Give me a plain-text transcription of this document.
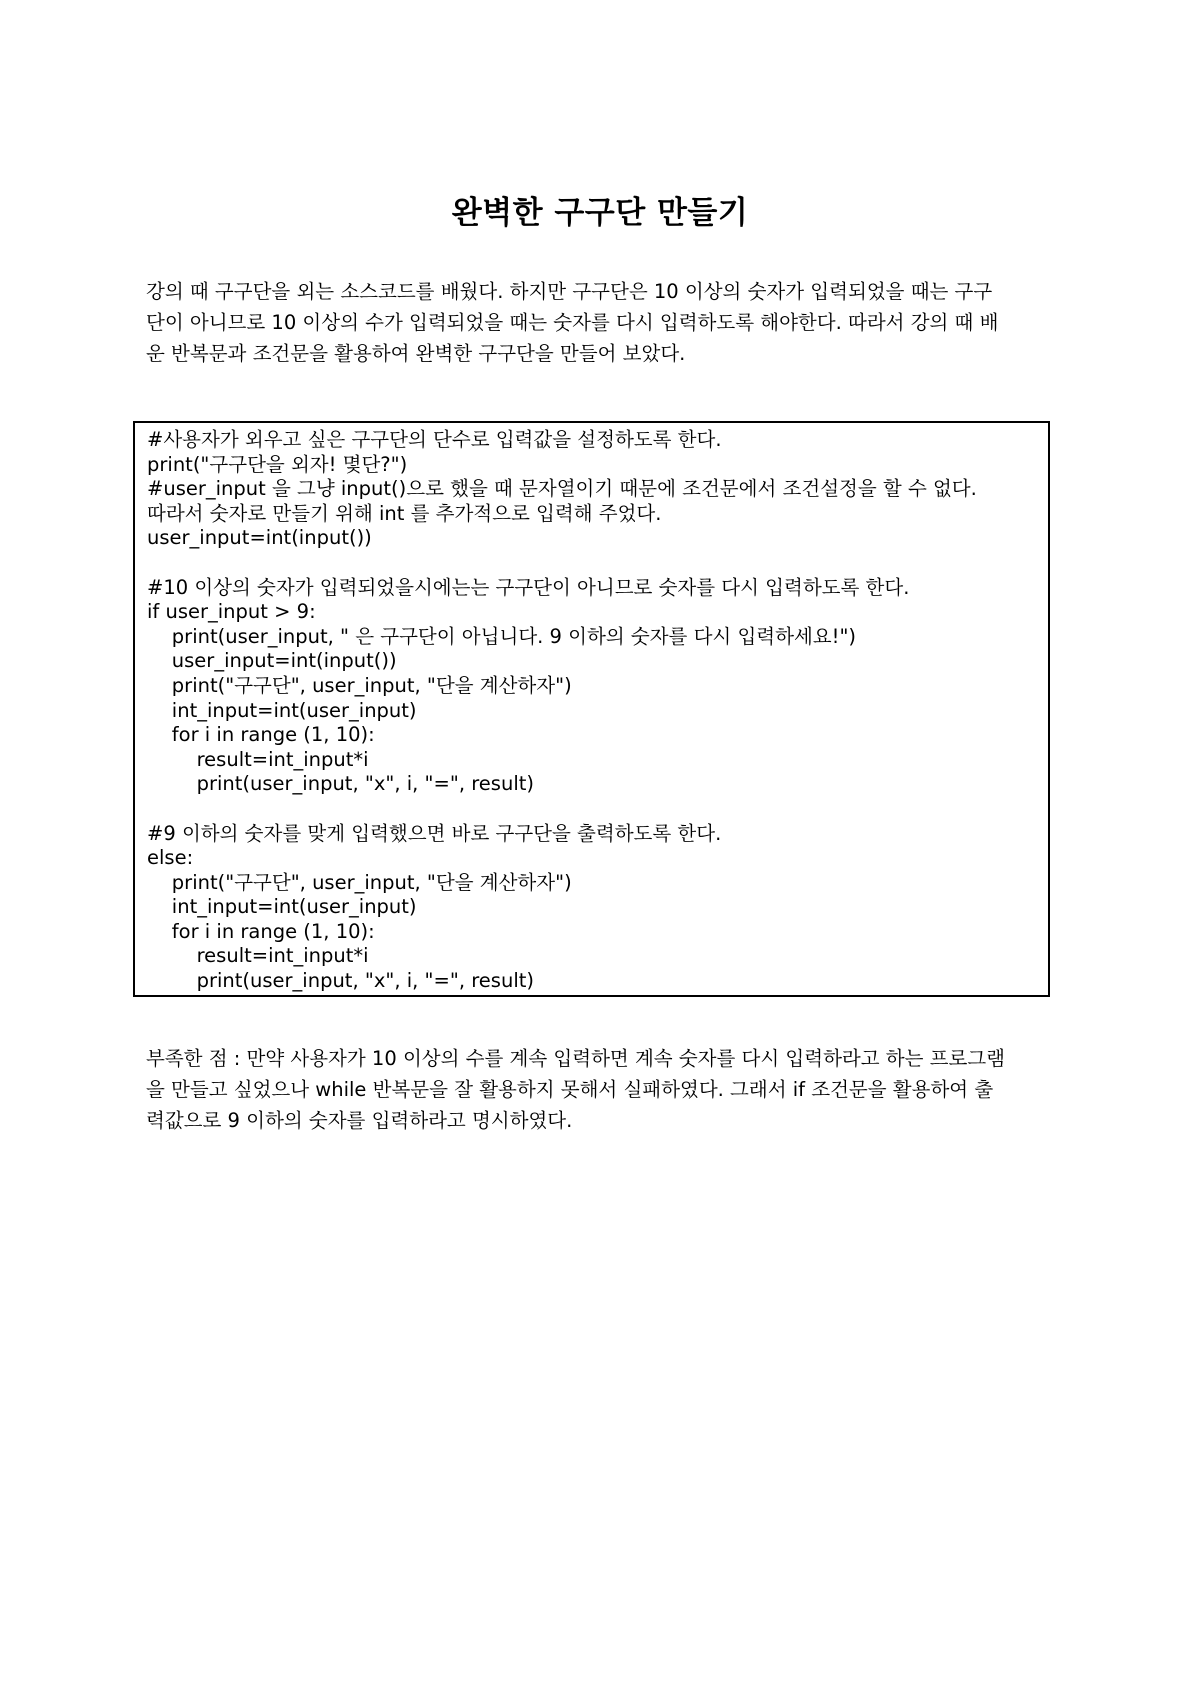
완벽한 구구단 만들기
강의 때 구구단을 외는 소스코드를 배웠다. 하지만 구구단은 10 이상의 숫자가 입력되었을 때는 구구
단이 아니므로 10 이상의 수가 입력되었을 때는 숫자를 다시 입력하도록 해야한다. 따라서 강의 때 배
운 반복문과 조건문을 활용하여 완벽한 구구단을 만들어 보았다.
#사용자가 외우고 싶은 구구단의 단수로 입력값을 설정하도록 한다.
print("구구단을 외자! 몇단?")
#user_input 을 그냥 input()으로 했을 때 문자열이기 때문에 조건문에서 조건설정을 할 수 없다.
따라서 숫자로 만들기 위해 int 를 추가적으로 입력해 주었다.
user_input=int(input())
#10 이상의 숫자가 입력되었을시에는는 구구단이 아니므로 숫자를 다시 입력하도록 한다.
if user_input > 9:
print(user_input, " 은 구구단이 아닙니다. 9 이하의 숫자를 다시 입력하세요!")
user_input=int(input())
print("구구단", user_input, "단을 계산하자")
int_input=int(user_input)
for i in range (1, 10):
result=int_input*i
print(user_input, "x", i, "=", result)
#9 이하의 숫자를 맞게 입력했으면 바로 구구단을 출력하도록 한다.
else:
print("구구단", user_input, "단을 계산하자")
int_input=int(user_input)
for i in range (1, 10):
result=int_input*i
print(user_input, "x", i, "=", result)
부족한 점 : 만약 사용자가 10 이상의 수를 계속 입력하면 계속 숫자를 다시 입력하라고 하는 프로그램
을 만들고 싶었으나 while 반복문을 잘 활용하지 못해서 실패하였다. 그래서 if 조건문을 활용하여 출
력값으로 9 이하의 숫자를 입력하라고 명시하였다.
